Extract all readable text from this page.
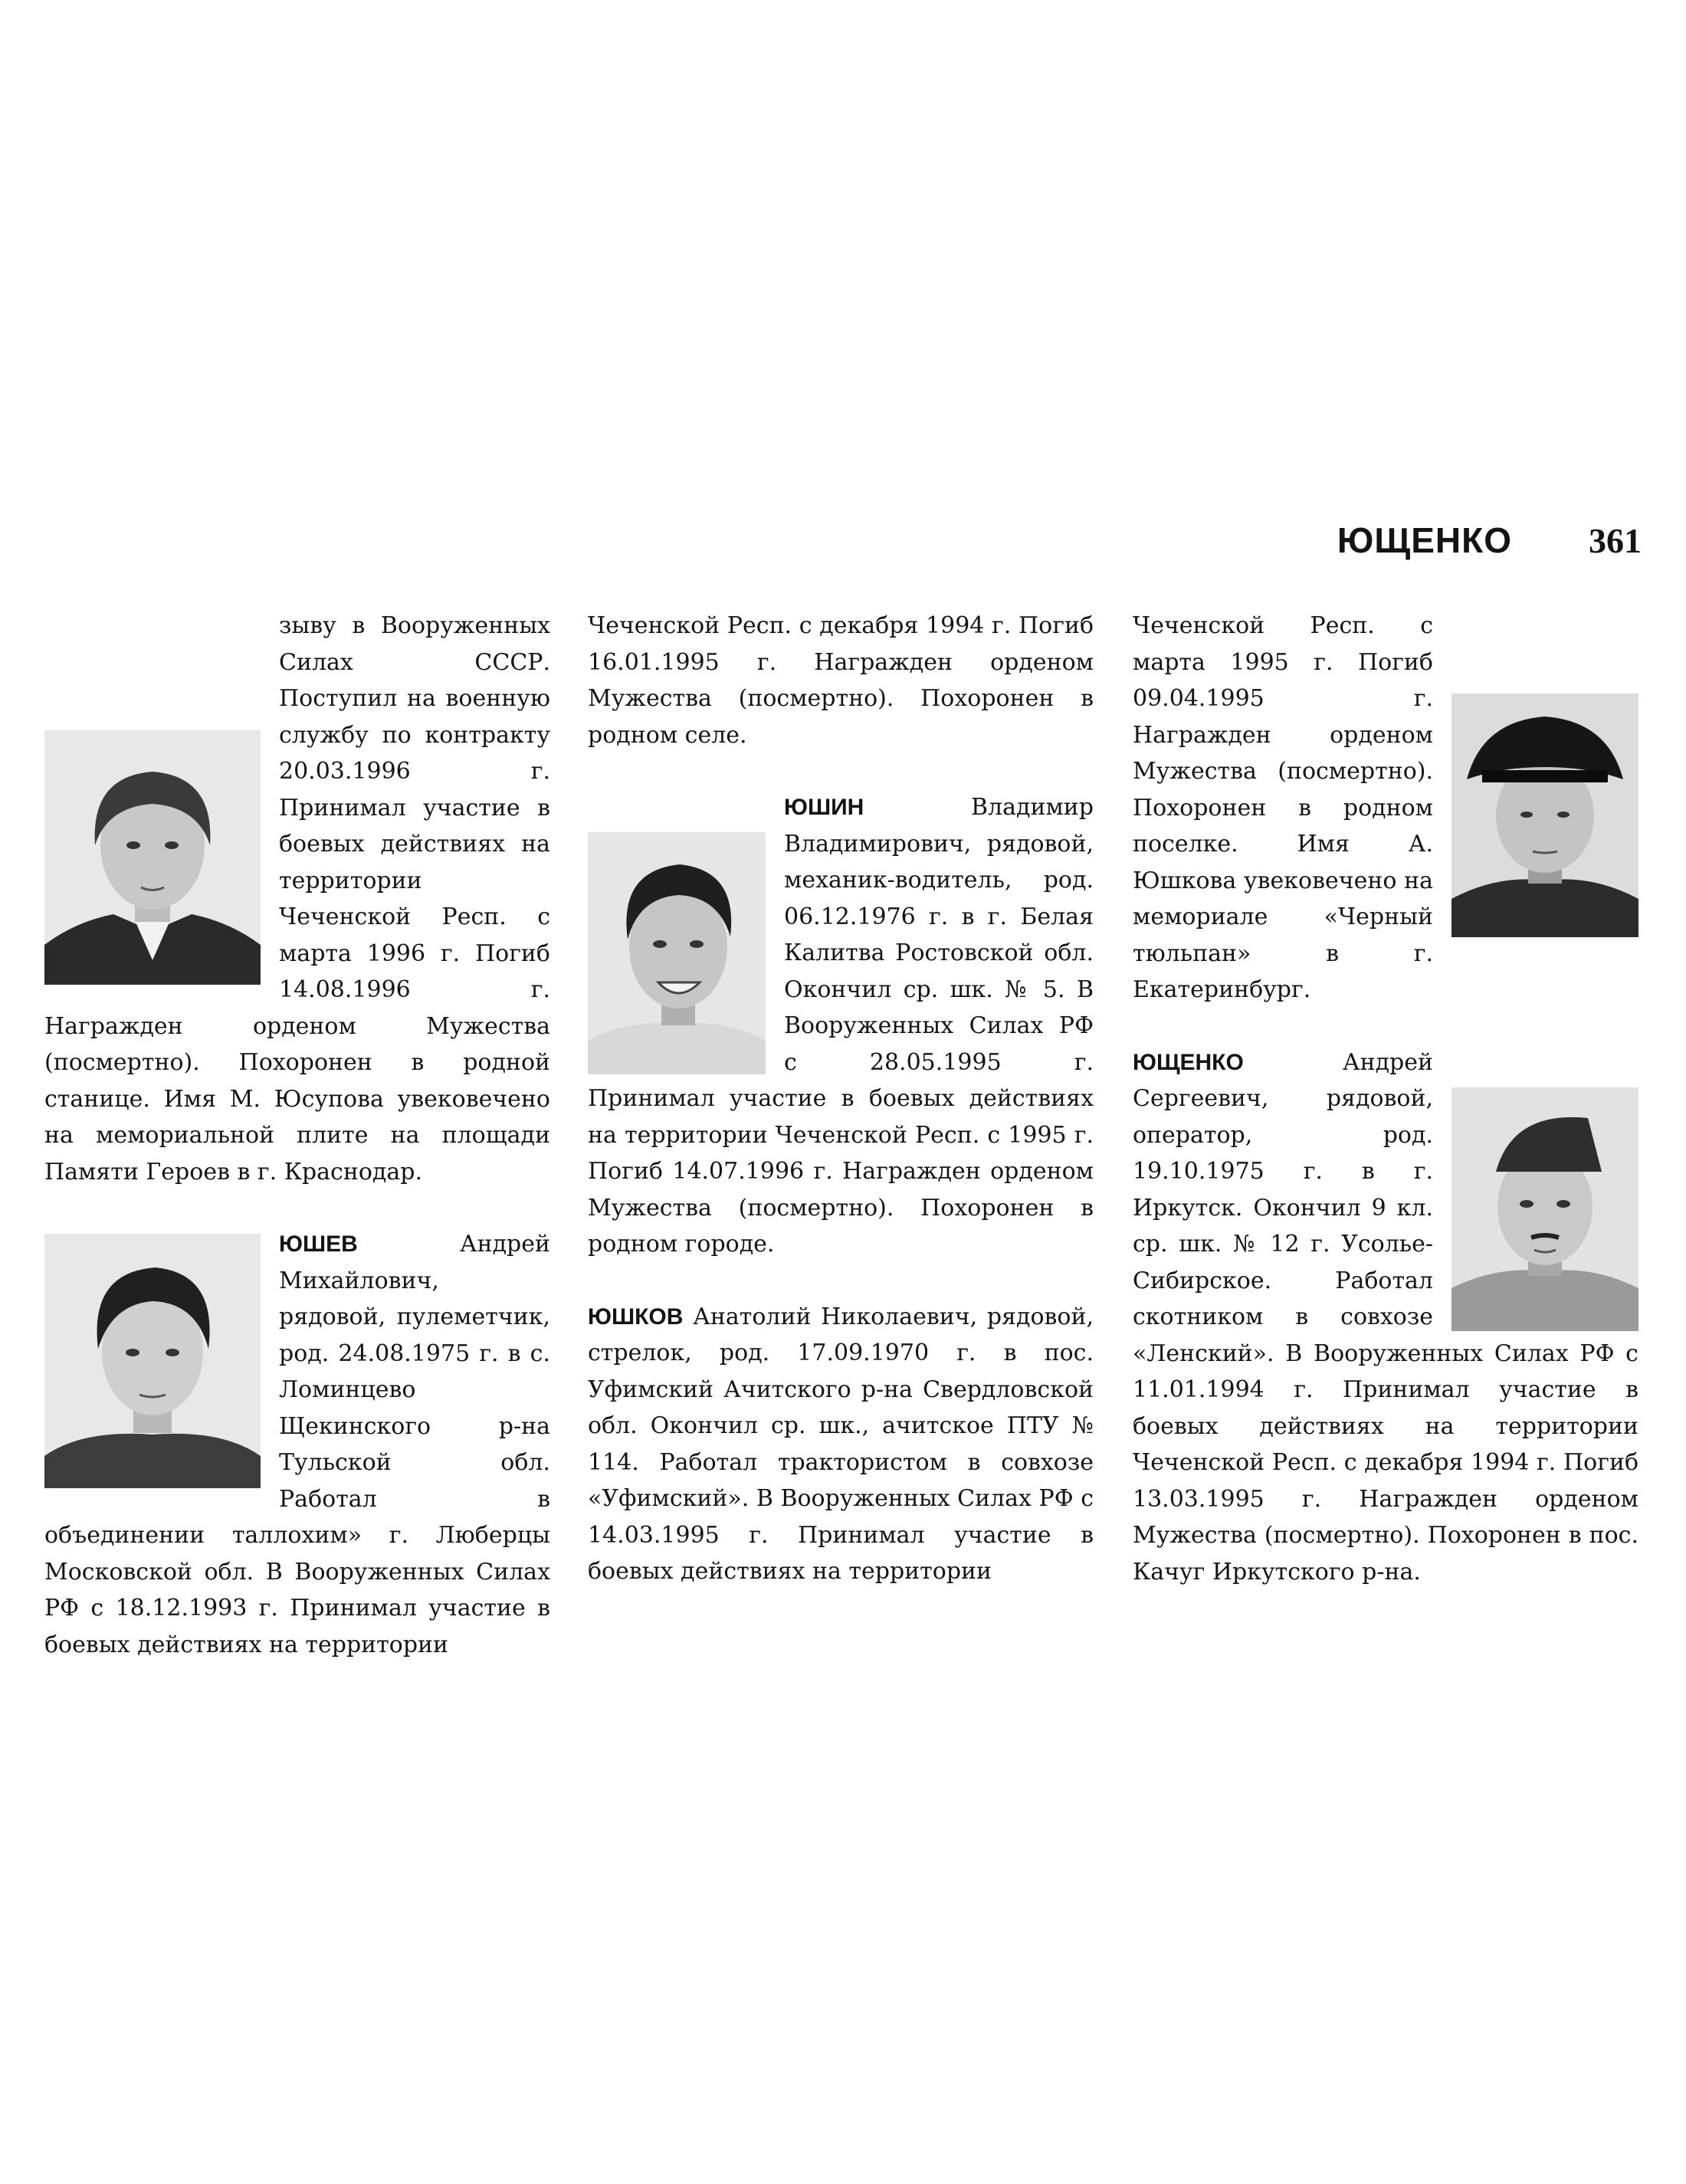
ЮЩЕНКО 361

зыву в Вооруженных Силах СССР. Поступил на военную службу по контракту 20.03.1996 г. Принимал участие в боевых действиях на территории Чеченской Респ. с марта 1996 г. Погиб 14.08.1996 г. Награжден орденом Мужества (посмертно). Похоронен в родной станице. Имя М. Юсупова увековечено на мемориальной плите на площади Памяти Героев в г. Краснодар.

ЮШЕВ	Андрей Михайлович, рядовой, пулеметчик, род. 24.08.1975 г. в с. Ломинцево Щекинского р-на Тульской обл. Работал в объединении таллохим» г. Люберцы Московской обл. В Вооруженных Силах РФ с 18.12.1993 г. Принимал участие в боевых действиях на территории

Чеченской Респ. с декабря 1994 г. Погиб 16.01.1995 г. Награжден орденом Мужества (посмертно). Похоронен в родном селе.

ЮШИН	Владимир Владимирович, рядовой, механик-водитель, род. 06.12.1976 г. в г. Белая Калитва Ростовской обл. Окончил ср. шк. № 5. В Вооруженных Силах РФ с 28.05.1995 г. Принимал участие в боевых действиях на территории Чеченской Респ. с 1995 г. Погиб 14.07.1996 г. Награжден орденом Мужества (посмертно). Похоронен в родном городе.

ЮШКОВ Анатолий Николаевич, рядовой, стрелок, род. 17.09.1970 г. в пос. Уфимский Ачитского р-на Свердловской обл. Окончил ср. шк., ачитское ПТУ № 114. Работал трактористом в совхозе «Уфимский». В Вооруженных Силах РФ с 14.03.1995 г. Принимал участие в боевых действиях на территории

Чеченской Респ. с марта 1995 г. Погиб 09.04.1995 г. Награжден орденом Мужества (посмертно). Похоронен в родном поселке. Имя А. Юшкова увековечено на мемориале «Черный тюльпан» в г. Екатеринбург.

ЮЩЕНКО	Андрей Сергеевич, рядовой, оператор, род. 19.10.1975 г. в г. Иркутск. Окончил 9 кл. ср. шк. № 12 г. Усолье-Сибирское. Работал скотником в совхозе «Ленский». В Вооруженных Силах РФ с 11.01.1994 г. Принимал участие в боевых действиях на территории Чеченской Респ. с декабря 1994 г. Погиб 13.03.1995 г. Награжден орденом Мужества (посмертно). Похоронен в пос. Качуг Иркутского р-на.
